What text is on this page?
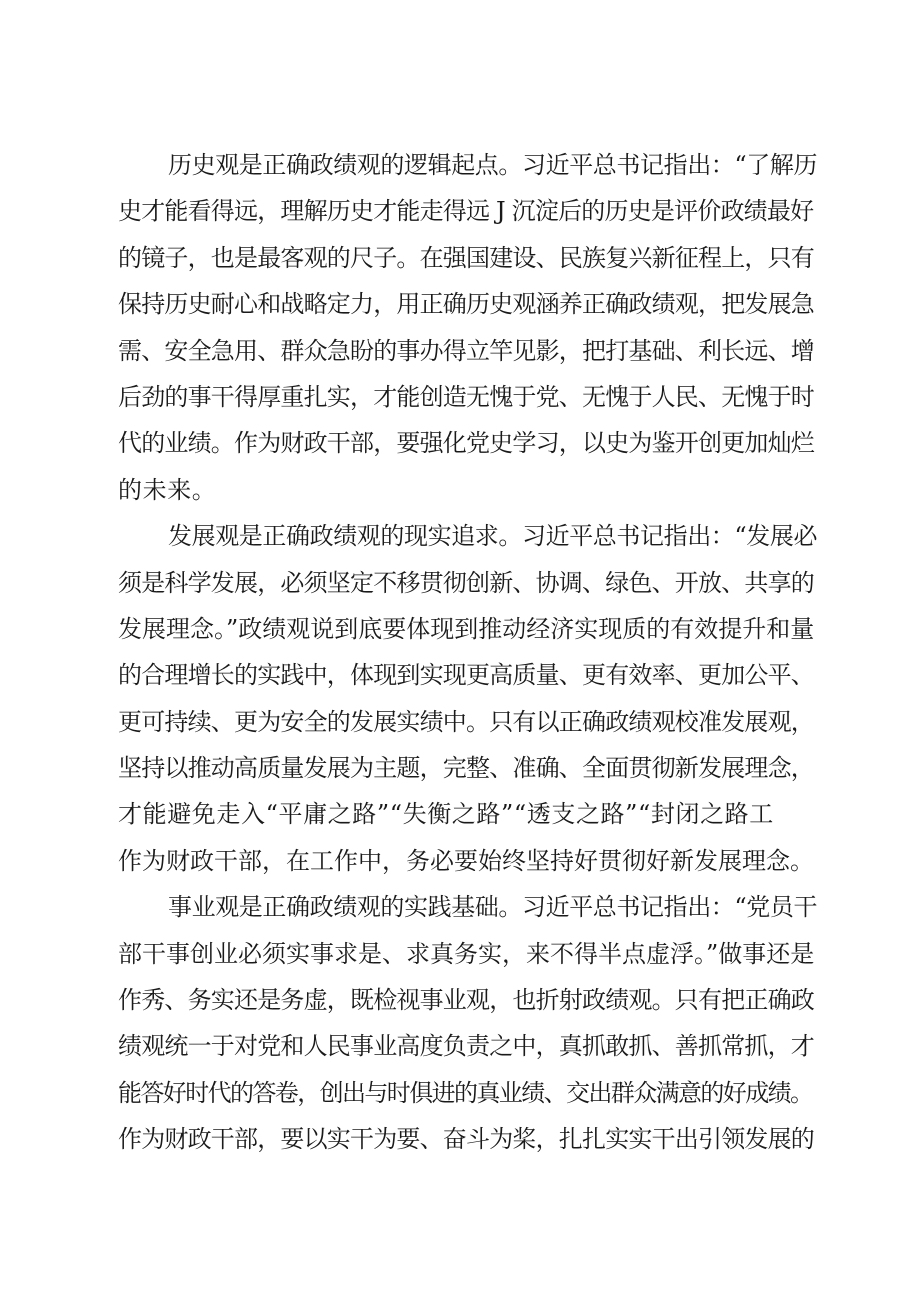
历史观是正确政绩观的逻辑起点。习近平总书记指出：“了解历
史才能看得远，理解历史才能走得远 J 沉淀后的历史是评价政绩最好
的镜子，也是最客观的尺子。在强国建设、民族复兴新征程上，只有
保持历史耐心和战略定力，用正确历史观涵养正确政绩观，把发展急
需、安全急用、群众急盼的事办得立竿见影，把打基础、利长远、增
后劲的事干得厚重扎实，才能创造无愧于党、无愧于人民、无愧于时
代的业绩。作为财政干部，要强化党史学习，以史为鉴开创更加灿烂
的未来。
发展观是正确政绩观的现实追求。习近平总书记指出：“发展必
须是科学发展，必须坚定不移贯彻创新、协调、绿色、开放、共享的
发展理念。”政绩观说到底要体现到推动经济实现质的有效提升和量
的合理增长的实践中，体现到实现更高质量、更有效率、更加公平、
更可持续、更为安全的发展实绩中。只有以正确政绩观校准发展观，
坚持以推动高质量发展为主题，完整、准确、全面贯彻新发展理念，
才能避免走入“平庸之路”“失衡之路”“透支之路”“封闭之路工
作为财政干部，在工作中，务必要始终坚持好贯彻好新发展理念。
事业观是正确政绩观的实践基础。习近平总书记指出：“党员干
部干事创业必须实事求是、求真务实，来不得半点虚浮。”做事还是
作秀、务实还是务虚，既检视事业观，也折射政绩观。只有把正确政
绩观统一于对党和人民事业高度负责之中，真抓敢抓、善抓常抓，才
能答好时代的答卷，创出与时俱进的真业绩、交出群众满意的好成绩。
作为财政干部，要以实干为要、奋斗为桨，扎扎实实干出引领发展的
